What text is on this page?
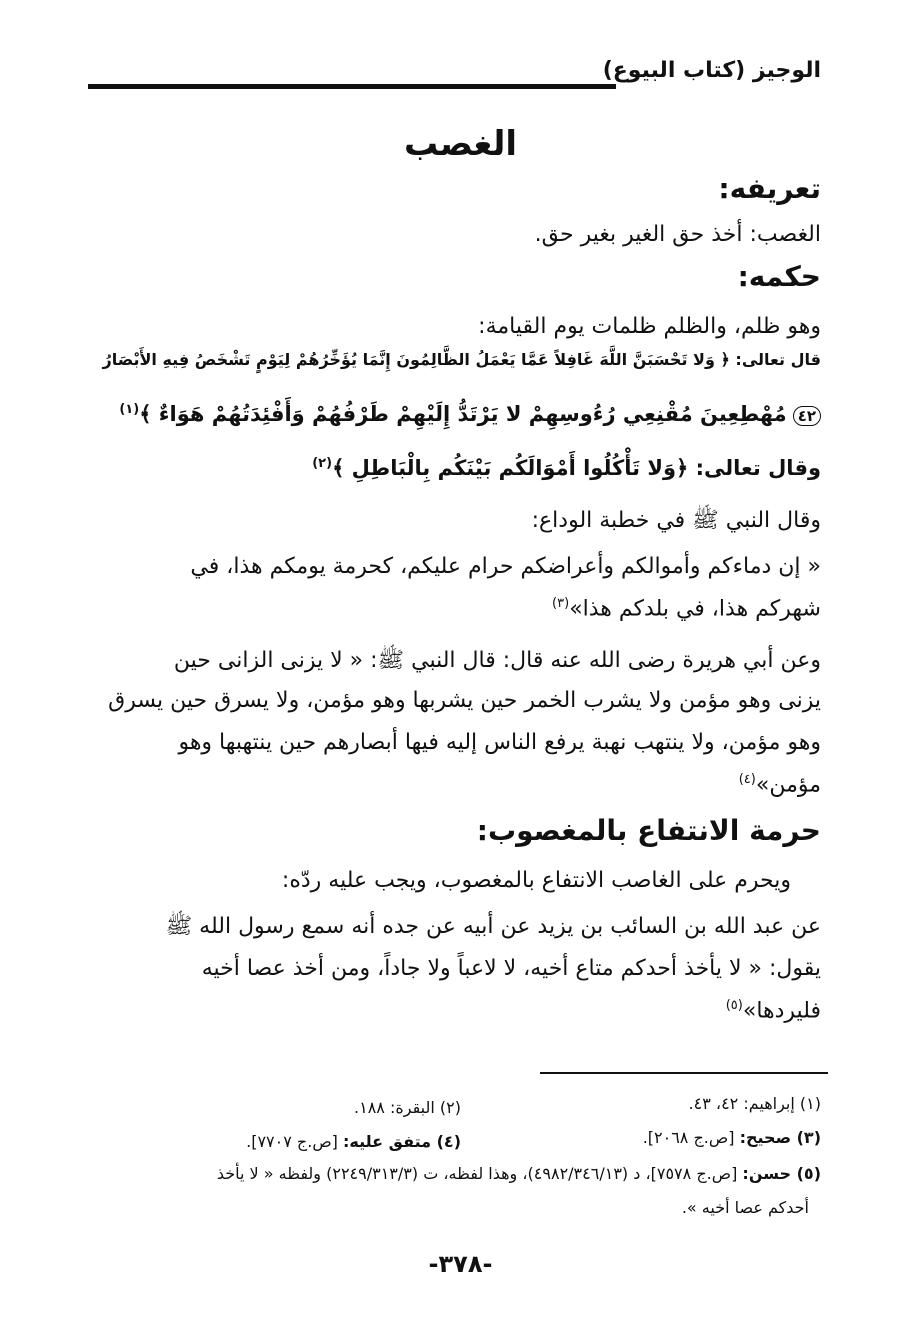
الوجيز (كتاب البيوع)
الغصب
تعريفه:
الغصب: أخذ حق الغير بغير حق.
حكمه:
وهو ظلم، والظلم ظلمات يوم القيامة:
قال تعالى: ﴿ وَلا تَحْسَبَنَّ اللَّهَ غَافِلاً عَمَّا يَعْمَلُ الظَّالِمُونَ إِنَّمَا يُؤَخِّرُهُمْ لِيَوْمٍ تَشْخَصُ فِيهِ الأَبْصَارُ
٤٢مُهْطِعِينَ مُقْنِعِي رُءُوسِهِمْ لا يَرْتَدُّ إِلَيْهِمْ طَرْفُهُمْ وَأَفْئِدَتُهُمْ هَوَاءٌ ﴾$^{(١)}$
وقال تعالى: ﴿وَلا تَأْكُلُوا أَمْوَالَكُم بَيْنَكُم بِالْبَاطِلِ ﴾$^{(٢)}$
وقال النبي ﷺ في خطبة الوداع:
« إن دماءكم وأموالكم وأعراضكم حرام عليكم، كحرمة يومكم هذا، في
شهركم هذا، في بلدكم هذا»$^{(٣)}$
وعن أبي هريرة رضى الله عنه قال: قال النبي ﷺ: « لا يزنى الزانى حين
يزنى وهو مؤمن ولا يشرب الخمر حين يشربها وهو مؤمن، ولا يسرق حين يسرق
وهو مؤمن، ولا ينتهب نهبة يرفع الناس إليه فيها أبصارهم حين ينتهبها وهو
مؤمن»$^{(٤)}$
حرمة الانتفاع بالمغصوب:
ويحرم على الغاصب الانتفاع بالمغصوب، ويجب عليه ردّه:
عن عبد الله بن السائب بن يزيد عن أبيه عن جده أنه سمع رسول الله ﷺ
يقول: « لا يأخذ أحدكم متاع أخيه، لا لاعباً ولا جاداً، ومن أخذ عصا أخيه
فليردها»$^{(٥)}$
(١) إبراهيم: ٤٢، ٤٣.
(٢) البقرة: ١٨٨.
(٣) صحيح: [ص.ج ٢٠٦٨].
(٤) متفق عليه: [ص.ج ٧٧٠٧].
(٥) حسن: [ص.ج ٧٥٧٨]، د (٤٩٨٢/٣٤٦/١٣)، وهذا لفظه، ت (٢٢٤٩/٣١٣/٣) ولفظه « لا يأخذ
أحدكم عصا أخيه ».
-٣٧٨-
